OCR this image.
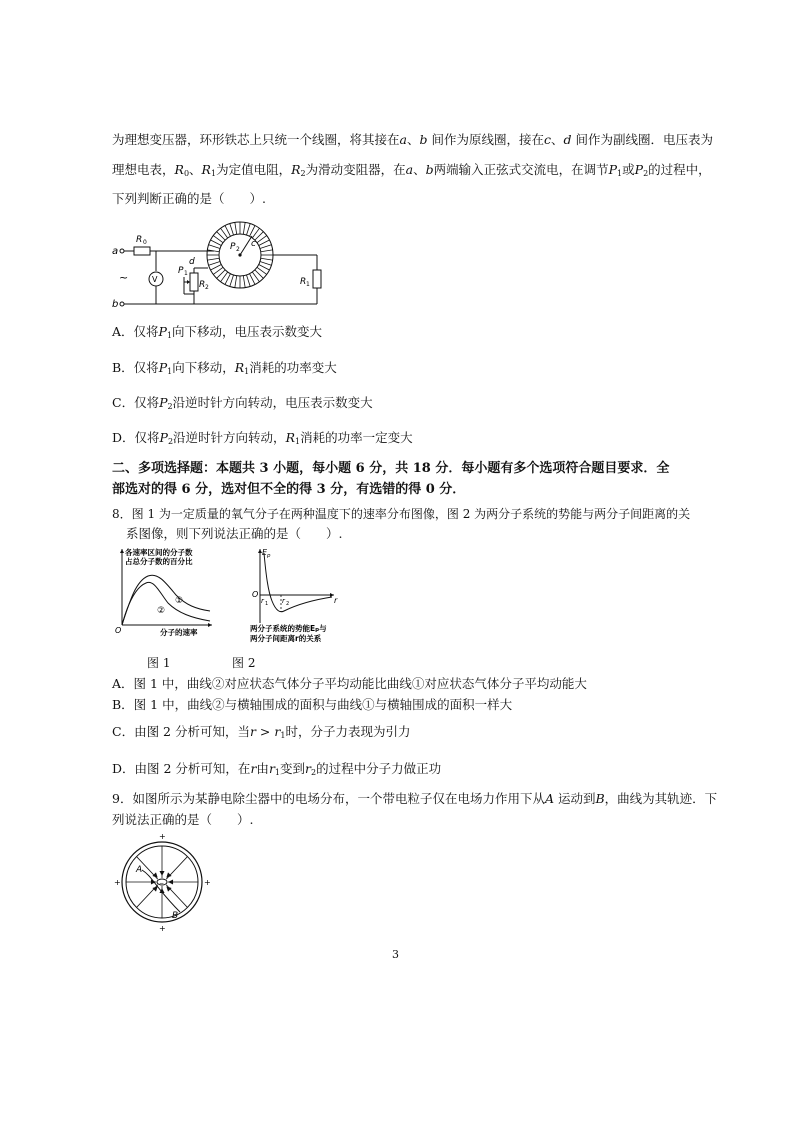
为理想变压器，环形铁芯上只统一个线圈，将其接在a、b 间作为原线圈，接在c、d 间作为副线圈．电压表为
理想电表，$R_0$、$R_1$为定值电阻，$R_2$为滑动变阻器，在a、b两端输入正弦式交流电，在调节$P_1$或$P_2$的过程中，
下列判断正确的是（　　）.
a
b
~
R 0
V
P 2
c
d
R 2
P 1
R 1
A．仅将$P_1$向下移动，电压表示数变大
B．仅将$P_1$向下移动，$R_1$消耗的功率变大
C．仅将$P_2$沿逆时针方向转动，电压表示数变大
D．仅将$P_2$沿逆时针方向转动，$R_1$消耗的功率一定变大
二、多项选择题：本题共 3 小题，每小题 6 分，共 18 分．每小题有多个选项符合题目要求．全
部选对的得 6 分，选对但不全的得 3 分，有选错的得 0 分．
8．图 1 为一定质量的氧气分子在两种温度下的速率分布图像，图 2 为两分子系统的势能与两分子间距离的关
系图像，则下列说法正确的是（　　）.
各速率区间的分子数
占总分子数的百分比
①
②
O	分子的速率
图 1
E p
O
r 1 r 2	r
两分子系统的势能Ep与
两分子间距离r的关系
图 2
A．图 1 中，曲线②对应状态气体分子平均动能比曲线①对应状态气体分子平均动能大
B．图 1 中，曲线②与横轴围成的面积与曲线①与横轴围成的面积一样大
C．由图 2 分析可知，当$r > r_1$时，分子力表现为引力
D．由图 2 分析可知，在r由$r_1$变到$r_2$的过程中分子力做正功
9．如图所示为某静电除尘器中的电场分布，一个带电粒子仅在电场力作用下从A 运动到B，曲线为其轨迹．下
列说法正确的是（　　）.
−
A
B
+
+
+	+
3
